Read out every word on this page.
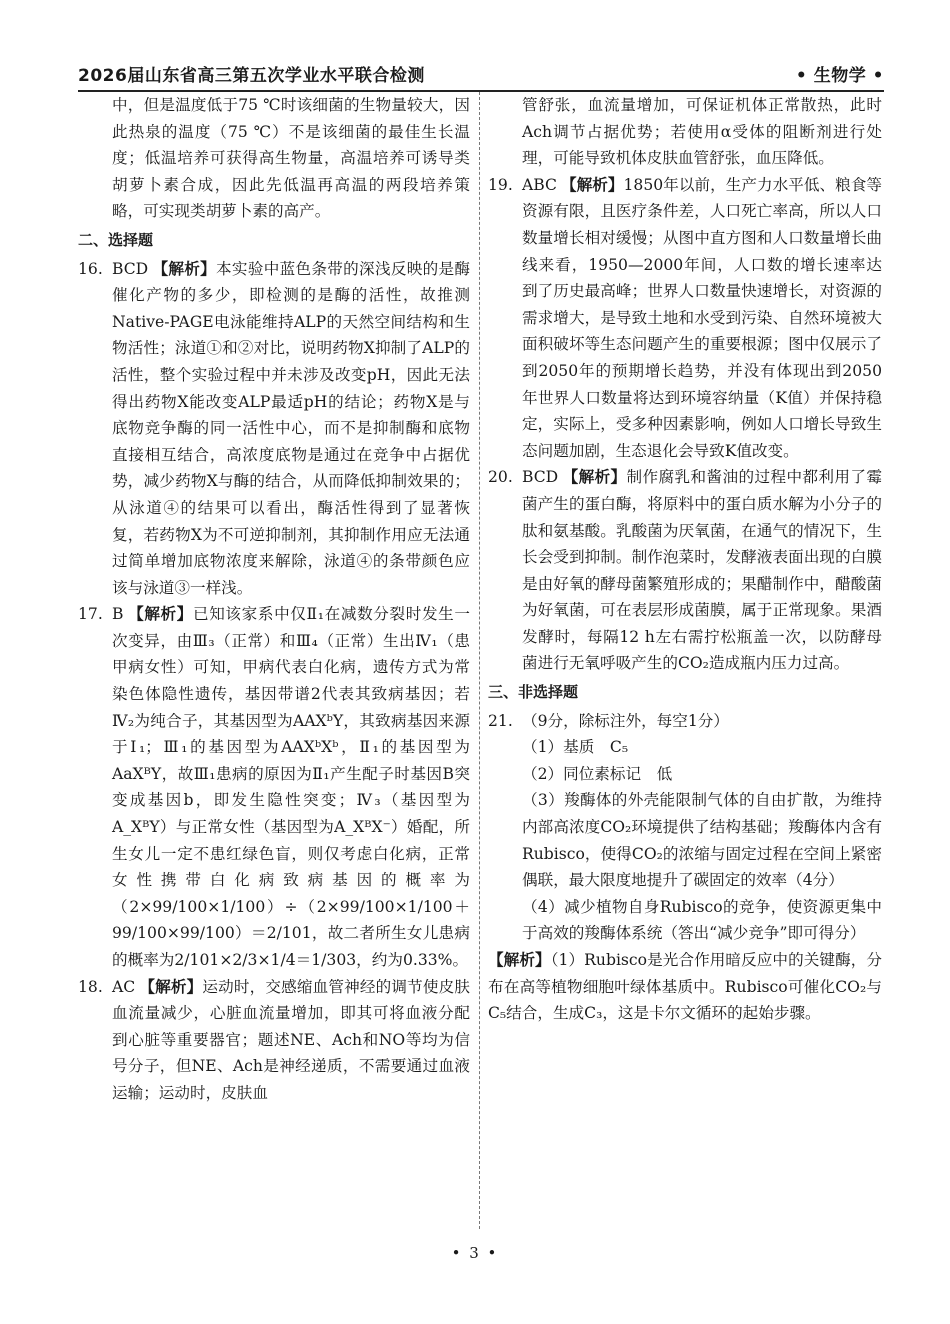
2026届山东省高三第五次学业水平联合检测	• 生物学 •

中，但是温度低于75 ℃时该细菌的生物量较大，因此热泉的温度（75 ℃）不是该细菌的最佳生长温度；低温培养可获得高生物量，高温培养可诱导类胡萝卜素合成，因此先低温再高温的两段培养策略，可实现类胡萝卜素的高产。

二、选择题
16. BCD 【解析】本实验中蓝色条带的深浅反映的是酶催化产物的多少，即检测的是酶的活性，故推测Native-PAGE电泳能维持ALP的天然空间结构和生物活性；泳道①和②对比，说明药物X抑制了ALP的活性，整个实验过程中并未涉及改变pH，因此无法得出药物X能改变ALP最适pH的结论；药物X是与底物竞争酶的同一活性中心，而不是抑制酶和底物直接相互结合，高浓度底物是通过在竞争中占据优势，减少药物X与酶的结合，从而降低抑制效果的；从泳道④的结果可以看出，酶活性得到了显著恢复，若药物X为不可逆抑制剂，其抑制作用应无法通过简单增加底物浓度来解除，泳道④的条带颜色应该与泳道③一样浅。
17. B 【解析】已知该家系中仅Ⅱ₁在减数分裂时发生一次变异，由Ⅲ₃（正常）和Ⅲ₄（正常）生出Ⅳ₁（患甲病女性）可知，甲病代表白化病，遗传方式为常染色体隐性遗传，基因带谱2代表其致病基因；若Ⅳ₂为纯合子，其基因型为AAXᵇY，其致病基因来源于Ⅰ₁；Ⅲ₁的基因型为AAXᵇXᵇ，Ⅱ₁的基因型为AaXᴮY，故Ⅲ₁患病的原因为Ⅱ₁产生配子时基因B突变成基因b，即发生隐性突变；Ⅳ₃（基因型为A_XᴮY）与正常女性（基因型为A_XᴮX⁻）婚配，所生女儿一定不患红绿色盲，则仅考虑白化病，正常女性携带白化病致病基因的概率为（2×99/100×1/100）÷（2×99/100×1/100＋99/100×99/100）＝2/101，故二者所生女儿患病的概率为2/101×2/3×1/4＝1/303，约为0.33%。
18. AC 【解析】运动时，交感缩血管神经的调节使皮肤血流量减少，心脏血流量增加，即其可将血液分配到心脏等重要器官；题述NE、Ach和NO等均为信号分子，但NE、Ach是神经递质，不需要通过血液运输；运动时，皮肤血

管舒张，血流量增加，可保证机体正常散热，此时Ach调节占据优势；若使用α受体的阻断剂进行处理，可能导致机体皮肤血管舒张，血压降低。

19. ABC 【解析】1850年以前，生产力水平低、粮食等资源有限，且医疗条件差，人口死亡率高，所以人口数量增长相对缓慢；从图中直方图和人口数量增长曲线来看，1950—2000年间，人口数的增长速率达到了历史最高峰；世界人口数量快速增长，对资源的需求增大，是导致土地和水受到污染、自然环境被大面积破坏等生态问题产生的重要根源；图中仅展示了到2050年的预期增长趋势，并没有体现出到2050年世界人口数量将达到环境容纳量（K值）并保持稳定，实际上，受多种因素影响，例如人口增长导致生态问题加剧，生态退化会导致K值改变。
20. BCD 【解析】制作腐乳和酱油的过程中都利用了霉菌产生的蛋白酶，将原料中的蛋白质水解为小分子的肽和氨基酸。乳酸菌为厌氧菌，在通气的情况下，生长会受到抑制。制作泡菜时，发酵液表面出现的白膜是由好氧的酵母菌繁殖形成的；果醋制作中，醋酸菌为好氧菌，可在表层形成菌膜，属于正常现象。果酒发酵时，每隔12 h左右需拧松瓶盖一次，以防酵母菌进行无氧呼吸产生的CO₂造成瓶内压力过高。
三、非选择题
21. （9分，除标注外，每空1分）
（1）基质　C₅
（2）同位素标记　低
（3）羧酶体的外壳能限制气体的自由扩散，为维持内部高浓度CO₂环境提供了结构基础；羧酶体内含有Rubisco，使得CO₂的浓缩与固定过程在空间上紧密偶联，最大限度地提升了碳固定的效率（4分）
（4）减少植物自身Rubisco的竞争，使资源更集中于高效的羧酶体系统（答出“减少竞争”即可得分）

【解析】（1）Rubisco是光合作用暗反应中的关键酶，分布在高等植物细胞叶绿体基质中。Rubisco可催化CO₂与C₅结合，生成C₃，这是卡尔文循环的起始步骤。

• 3 •
